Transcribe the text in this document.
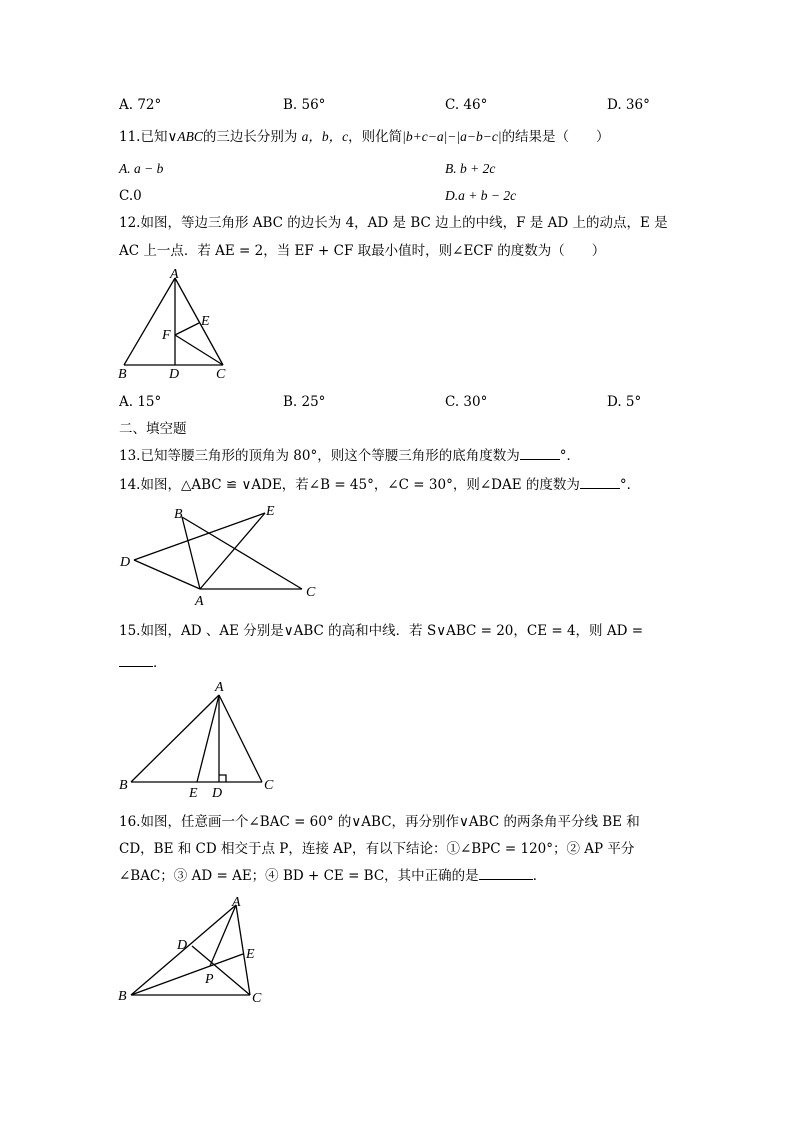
A. 72°	B. 56°	C. 46°	D. 36°
11.已知∨ABC的三边长分别为 a，b，c，则化简|b+c−a|−|a−b−c|的结果是（　　）
A. a − b	B. b + 2c
C.0	D.a + b − 2c
12.如图，等边三角形 ABC 的边长为 4，AD 是 BC 边上的中线，F 是 AD 上的动点，E 是
AC 上一点．若 AE = 2，当 EF + CF 取最小值时，则∠ECF 的度数为（　　）
A
B	D	C
E
F
A. 15°	B. 25°	C. 30°	D. 5°
二、填空题
13.已知等腰三角形的顶角为 80°，则这个等腰三角形的底角度数为	°．
14.如图，△ABC ≌ ∨ADE，若∠B = 45°，∠C = 30°，则∠DAE 的度数为	°．
B	E
D
A
C
15.如图，AD 、AE 分别是∨ABC 的高和中线．若 S∨ABC = 20，CE = 4，则 AD =
．
A
B
E D
C
16.如图，任意画一个∠BAC = 60° 的∨ABC，再分别作∨ABC 的两条角平分线 BE 和
CD，BE 和 CD 相交于点 P，连接 AP，有以下结论：①∠BPC = 120°；② AP 平分
∠BAC；③ AD = AE；④ BD + CE = BC，其中正确的是	．
A
D
E
P
B	C
